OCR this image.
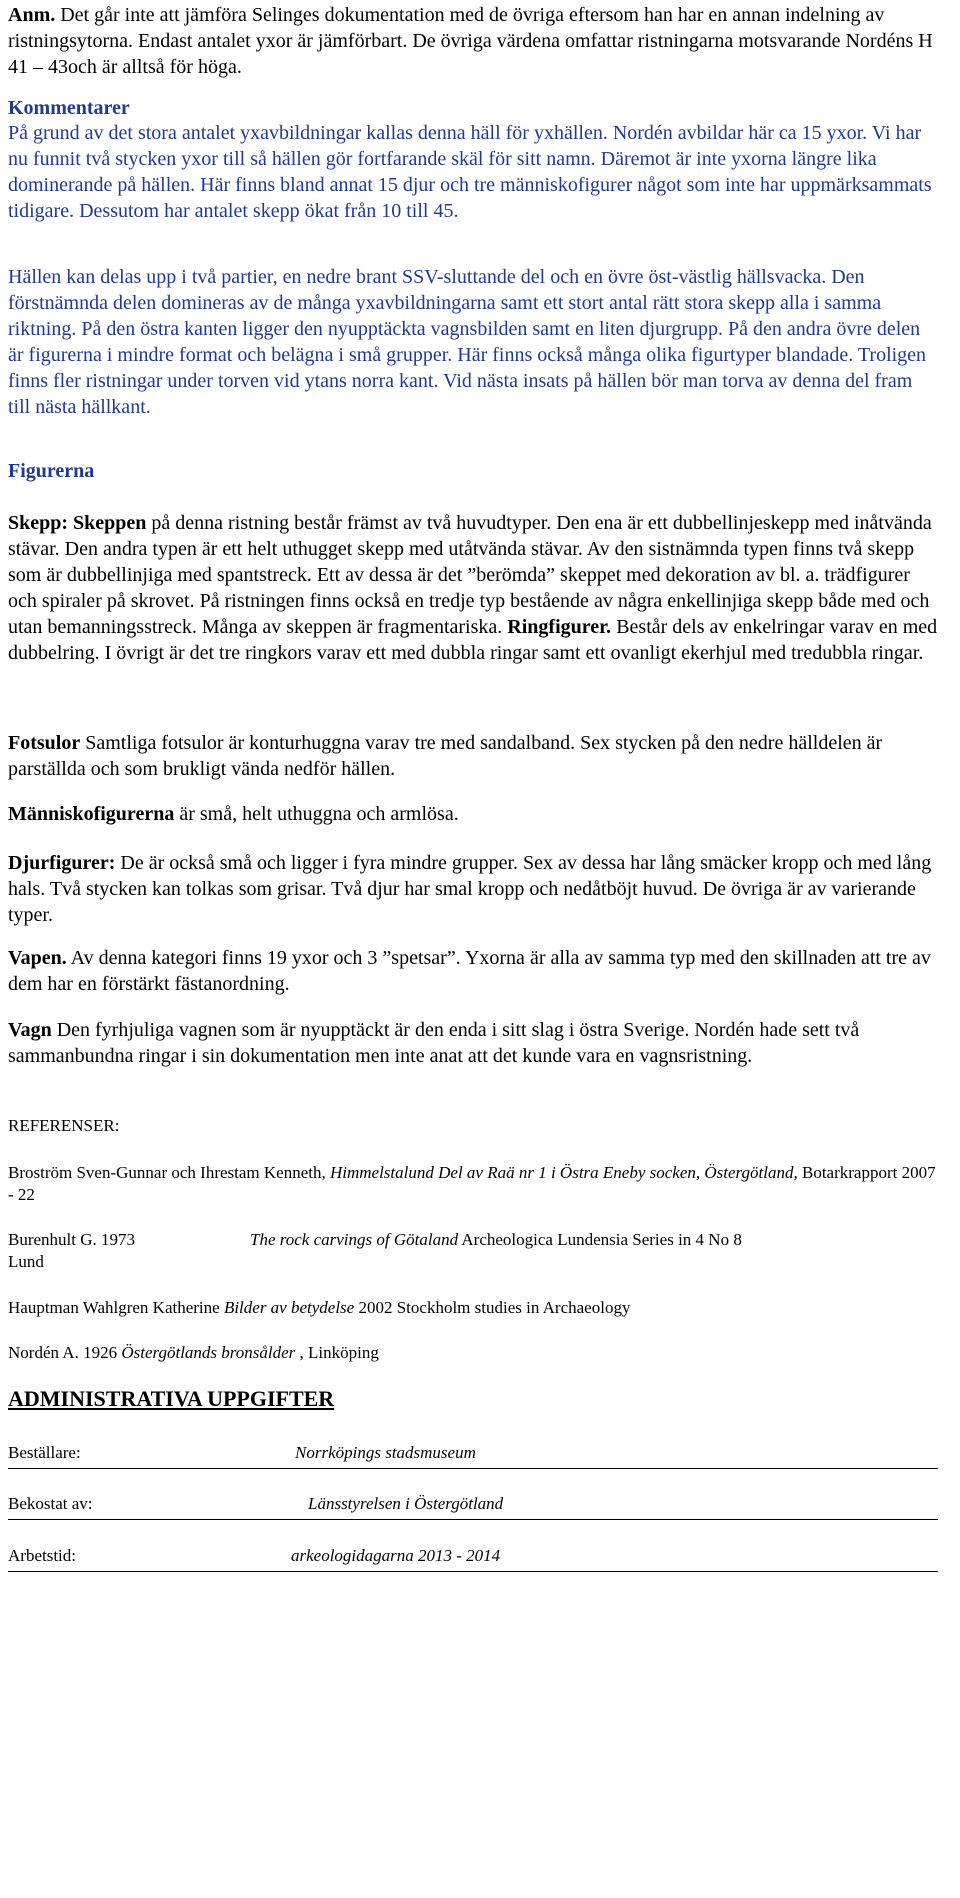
Anm. Det går inte att jämföra Selinges dokumentation med de övriga eftersom han har en annan indelning av ristningsytorna. Endast antalet yxor är jämförbart. De övriga värdena omfattar ristningarna motsvarande Nordéns H 41 – 43och är alltså för höga.

Kommentarer

På grund av det stora antalet yxavbildningar kallas denna häll för yxhällen. Nordén avbildar här ca 15 yxor. Vi har nu funnit två stycken yxor till så hällen gör fortfarande skäl för sitt namn. Däremot är inte yxorna längre lika dominerande på hällen. Här finns bland annat 15 djur och tre människofigurer något som inte har uppmärksammats tidigare. Dessutom har antalet skepp ökat från 10 till 45.

Hällen kan delas upp i två partier, en nedre brant SSV-sluttande del och en övre öst-västlig hällsvacka. Den förstnämnda delen domineras av de många yxavbildningarna samt ett stort antal rätt stora skepp alla i samma riktning. På den östra kanten ligger den nyupptäckta vagnsbilden samt en liten djurgrupp. På den andra övre delen är figurerna i mindre format och belägna i små grupper. Här finns också många olika figurtyper blandade. Troligen finns fler ristningar under torven vid ytans norra kant. Vid nästa insats på hällen bör man torva av denna del fram till nästa hällkant.

Figurerna

Skepp: Skeppen på denna ristning består främst av två huvudtyper. Den ena är ett dubbellinjeskepp med inåtvända stävar. Den andra typen är ett helt uthugget skepp med utåtvända stävar. Av den sistnämnda typen finns två skepp som är dubbellinjiga med spantstreck. Ett av dessa är det ”berömda” skeppet med dekoration av bl. a. trädfigurer och spiraler på skrovet. På ristningen finns också en tredje typ bestående av några enkellinjiga skepp både med och utan bemanningsstreck. Många av skeppen är fragmentariska. Ringfigurer. Består dels av enkelringar varav en med dubbelring. I övrigt är det tre ringkors varav ett med dubbla ringar samt ett ovanligt ekerhjul med tredubbla ringar.

Fotsulor Samtliga fotsulor är konturhuggna varav tre med sandalband. Sex stycken på den nedre hälldelen är parställda och som brukligt vända nedför hällen.

Människofigurerna är små, helt uthuggna och armlösa.

Djurfigurer: De är också små och ligger i fyra mindre grupper. Sex av dessa har lång smäcker kropp och med lång hals. Två stycken kan tolkas som grisar. Två djur har smal kropp och nedåtböjt huvud. De övriga är av varierande typer.

Vapen. Av denna kategori finns 19 yxor och 3 ”spetsar”. Yxorna är alla av samma typ med den skillnaden att tre av dem har en förstärkt fästanordning.

Vagn Den fyrhjuliga vagnen som är nyupptäckt är den enda i sitt slag i östra Sverige. Nordén hade sett två sammanbundna ringar i sin dokumentation men inte anat att det kunde vara en vagnsristning.

REFERENSER:

Broström Sven-Gunnar och Ihrestam Kenneth, Himmelstalund Del av Raä nr 1 i Östra Eneby socken, Östergötland, Botarkrapport 2007 - 22

Burenhult G. 1973	The rock carvings of Götaland Archeologica Lundensia Series in 4 No 8
Lund

Hauptman Wahlgren Katherine Bilder av betydelse 2002 Stockholm studies in Archaeology

Nordén A. 1926 Östergötlands bronsålder , Linköping

ADMINISTRATIVA UPPGIFTER

Beställare:	Norrköpings stadsmuseum
Bekostat av:	Länsstyrelsen i Östergötland
Arbetstid:	arkeologidagarna 2013 - 2014
